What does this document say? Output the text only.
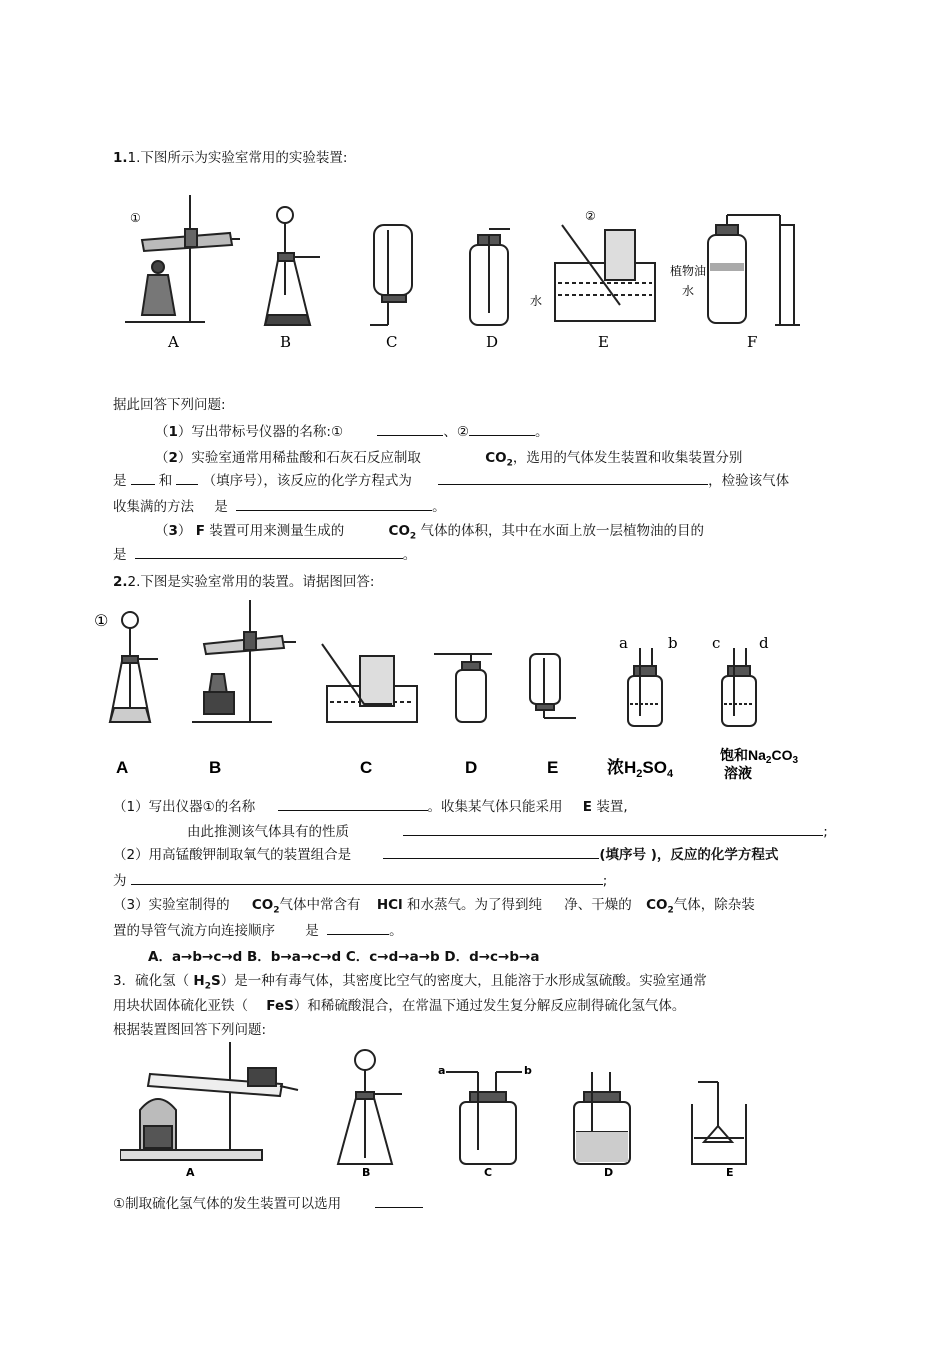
1.1.下图所示为实验室常用的实验装置:
①	②
水
植物油
水
A	B	C	D	E	F
据此回答下列问题:
（1）写出带标号仪器的名称:①	、②	。
（2）实验室通常用稀盐酸和石灰石反应制取	$CO_2$，选用的气体发生装置和收集装置分别
是 和 （填序号），该反应的化学方程式为	，检验该气体
收集满的方法 是	。
（3） F 装置可用来测量生成的	$CO_2$ 气体的体积，其中在水面上放一层植物油的目的
是	。
2.2.下图是实验室常用的装置。请据图回答:
①
a	b c	d
A	B	C	D	E	浓$H_2SO_4$
饱和$Na_2CO_3$
溶液
（1）写出仪器①的名称	。收集某气体只能采用 E 装置,
由此推测该气体具有的性质	;
（2）用高锰酸钾制取氧气的装置组合是	(填序号 )，反应的化学方程式
为	;
（3）实验室制得的 $CO_2$气体中常含有 HCl 和水蒸气。为了得到纯 净、干燥的 $CO_2$气体，除杂装
置的导管气流方向连接顺序 是	。
A．a→b→c→d B．b→a→c→d C．c→d→a→b D．d→c→b→a
3．硫化氢（ $H_2S$）是一种有毒气体，其密度比空气的密度大，且能溶于水形成氢硫酸。实验室通常
用块状固体硫化亚铁（ FeS）和稀硫酸混合，在常温下通过发生复分解反应制得硫化氢气体。
根据装置图回答下列问题:
a	b
A	B	C	D	E
①制取硫化氢气体的发生装置可以选用
